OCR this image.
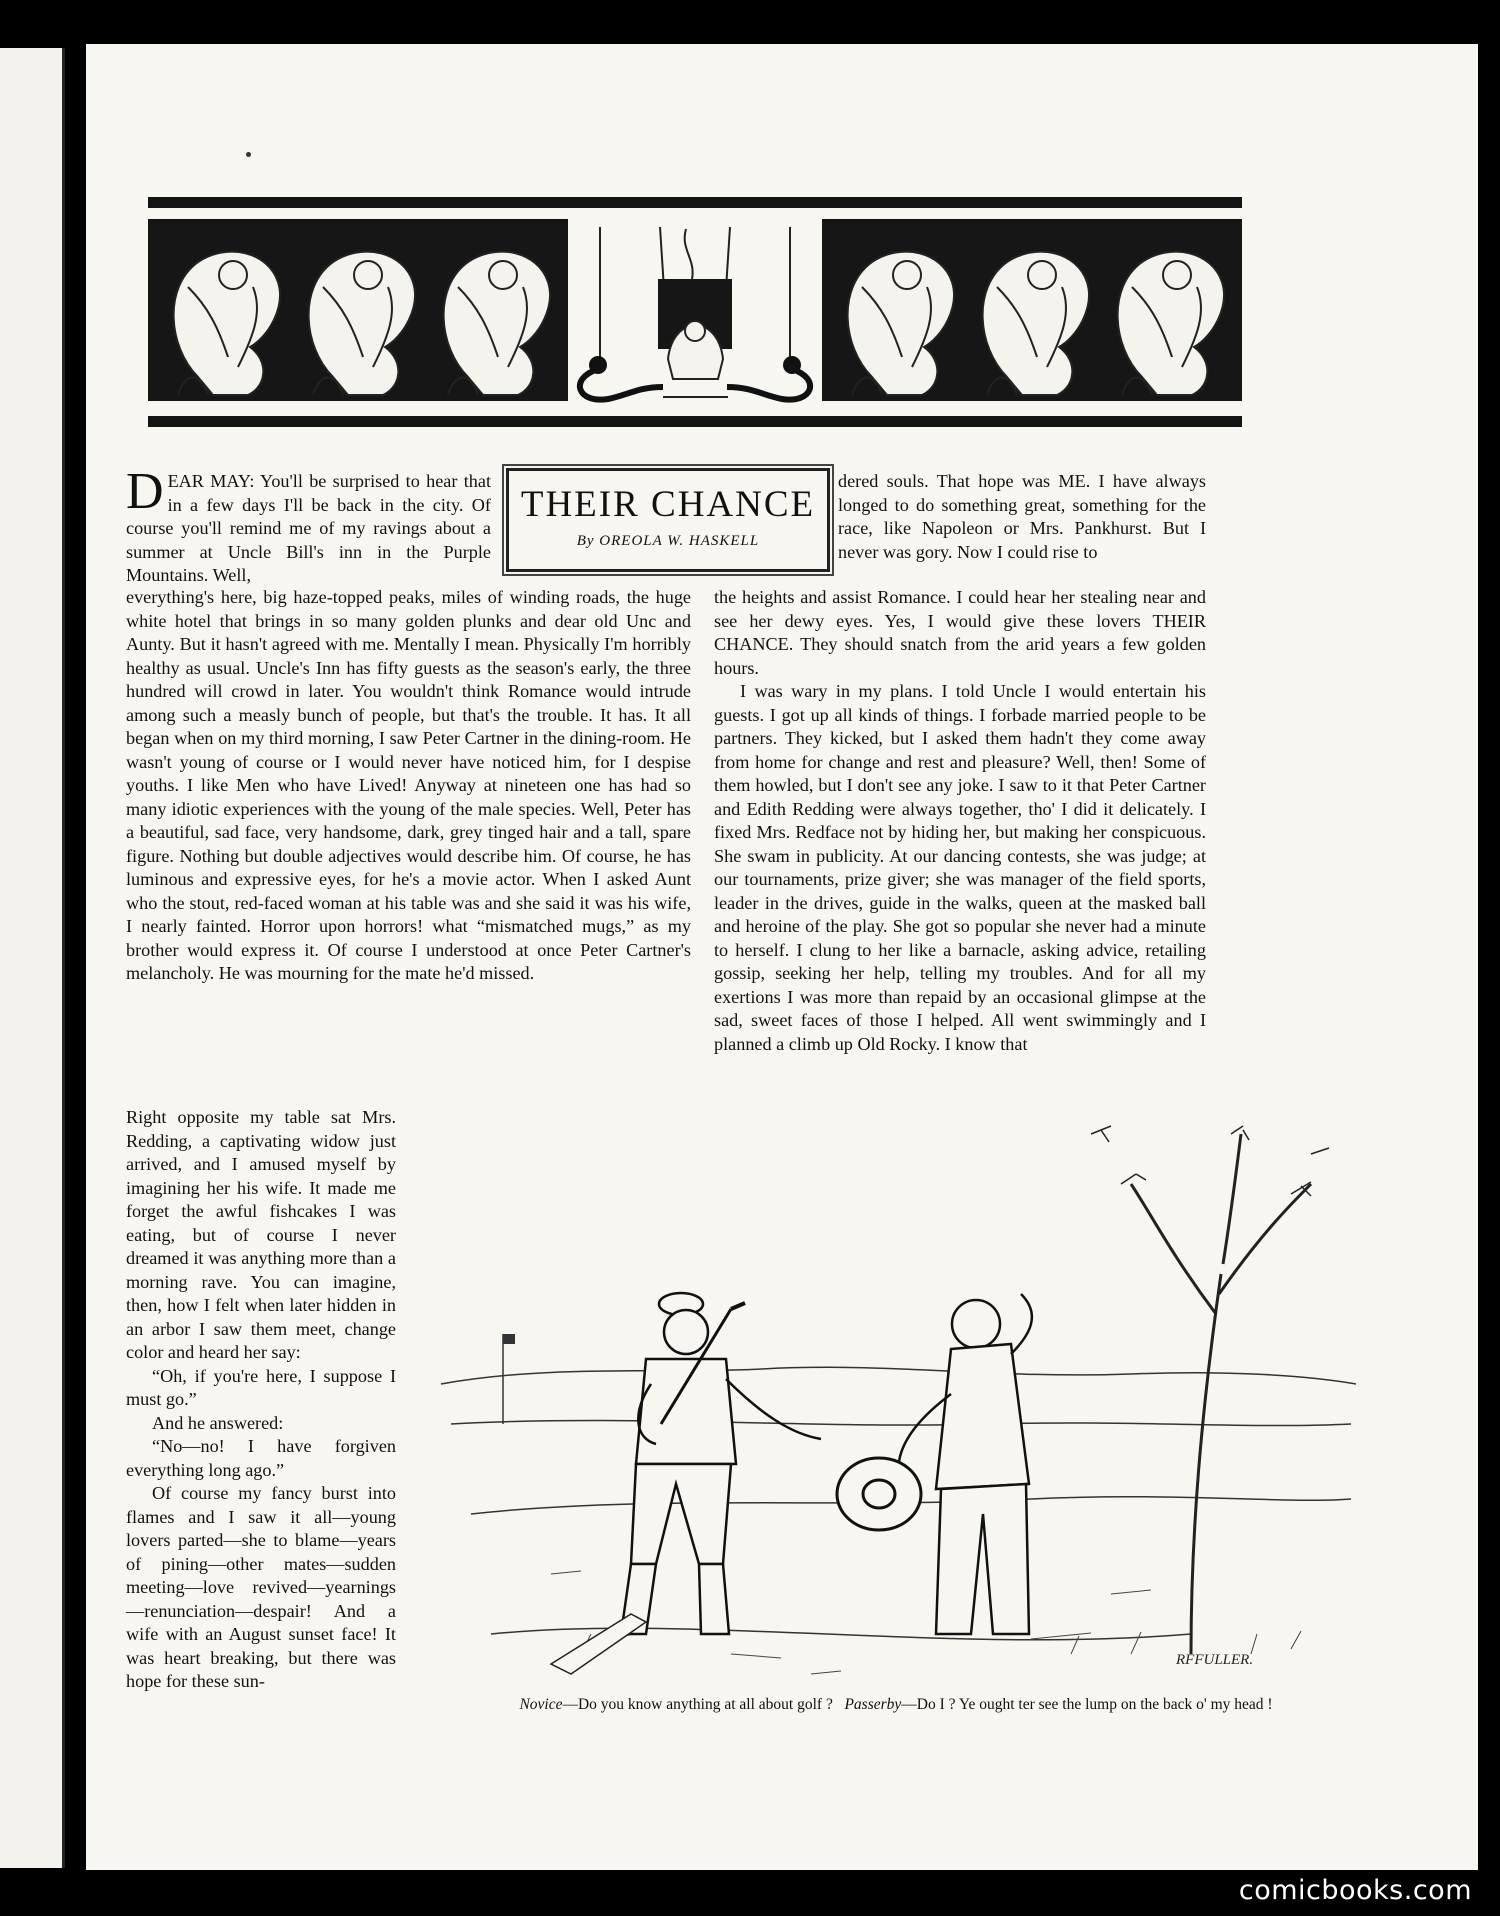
THEIR CHANCE
By OREOLA W. HASKELL

DEAR MAY: You'll be surprised to hear that in a few days I'll be back in the city. Of course you'll remind me of my ravings about a summer at Uncle Bill's inn in the Purple Mountains. Well,

dered souls. That hope was ME. I have always longed to do something great, something for the race, like Napoleon or Mrs. Pankhurst. But I never was gory. Now I could rise to

everything's here, big haze-topped peaks, miles of winding roads, the huge white hotel that brings in so many golden plunks and dear old Unc and Aunty. But it hasn't agreed with me. Mentally I mean. Physically I'm horribly healthy as usual. Uncle's Inn has fifty guests as the season's early, the three hundred will crowd in later. You wouldn't think Romance would intrude among such a measly bunch of people, but that's the trouble. It has. It all began when on my third morning, I saw Peter Cartner in the dining-room. He wasn't young of course or I would never have noticed him, for I despise youths. I like Men who have Lived! Anyway at nineteen one has had so many idiotic experiences with the young of the male species. Well, Peter has a beautiful, sad face, very handsome, dark, grey tinged hair and a tall, spare figure. Nothing but double adjectives would describe him. Of course, he has luminous and expressive eyes, for he's a movie actor. When I asked Aunt who the stout, red-faced woman at his table was and she said it was his wife, I nearly fainted. Horror upon horrors! what “mismatched mugs,” as my brother would express it. Of course I understood at once Peter Cartner's melancholy. He was mourning for the mate he'd missed.

the heights and assist Romance. I could hear her stealing near and see her dewy eyes. Yes, I would give these lovers THEIR CHANCE. They should snatch from the arid years a few golden hours.

I was wary in my plans. I told Uncle I would entertain his guests. I got up all kinds of things. I forbade married people to be partners. They kicked, but I asked them hadn't they come away from home for change and rest and pleasure? Well, then! Some of them howled, but I don't see any joke. I saw to it that Peter Cartner and Edith Redding were always together, tho' I did it delicately. I fixed Mrs. Redface not by hiding her, but making her conspicuous. She swam in publicity. At our dancing contests, she was judge; at our tournaments, prize giver; she was manager of the field sports, leader in the drives, guide in the walks, queen at the masked ball and heroine of the play. She got so popular she never had a minute to herself. I clung to her like a barnacle, asking advice, retailing gossip, seeking her help, telling my troubles. And for all my exertions I was more than repaid by an occasional glimpse at the sad, sweet faces of those I helped. All went swimmingly and I planned a climb up Old Rocky. I know that

Right opposite my table sat Mrs. Redding, a captivating widow just arrived, and I amused myself by imagining her his wife. It made me forget the awful fishcakes I was eating, but of course I never dreamed it was anything more than a morning rave. You can imagine, then, how I felt when later hidden in an arbor I saw them meet, change color and heard her say:

“Oh, if you're here, I suppose I must go.”

And he answered:

“No—no! I have forgiven everything long ago.”

Of course my fancy burst into flames and I saw it all—young lovers parted—she to blame—years of pining—other mates—sudden meeting—love revived—yearnings—renunciation—despair! And a wife with an August sunset face! It was heart breaking, but there was hope for these sun-

RFFULLER.
Novice—Do you know anything at all about golf ? Passerby—Do I ? Ye ought ter see the lump on the back o' my head !
comicbooks.com
